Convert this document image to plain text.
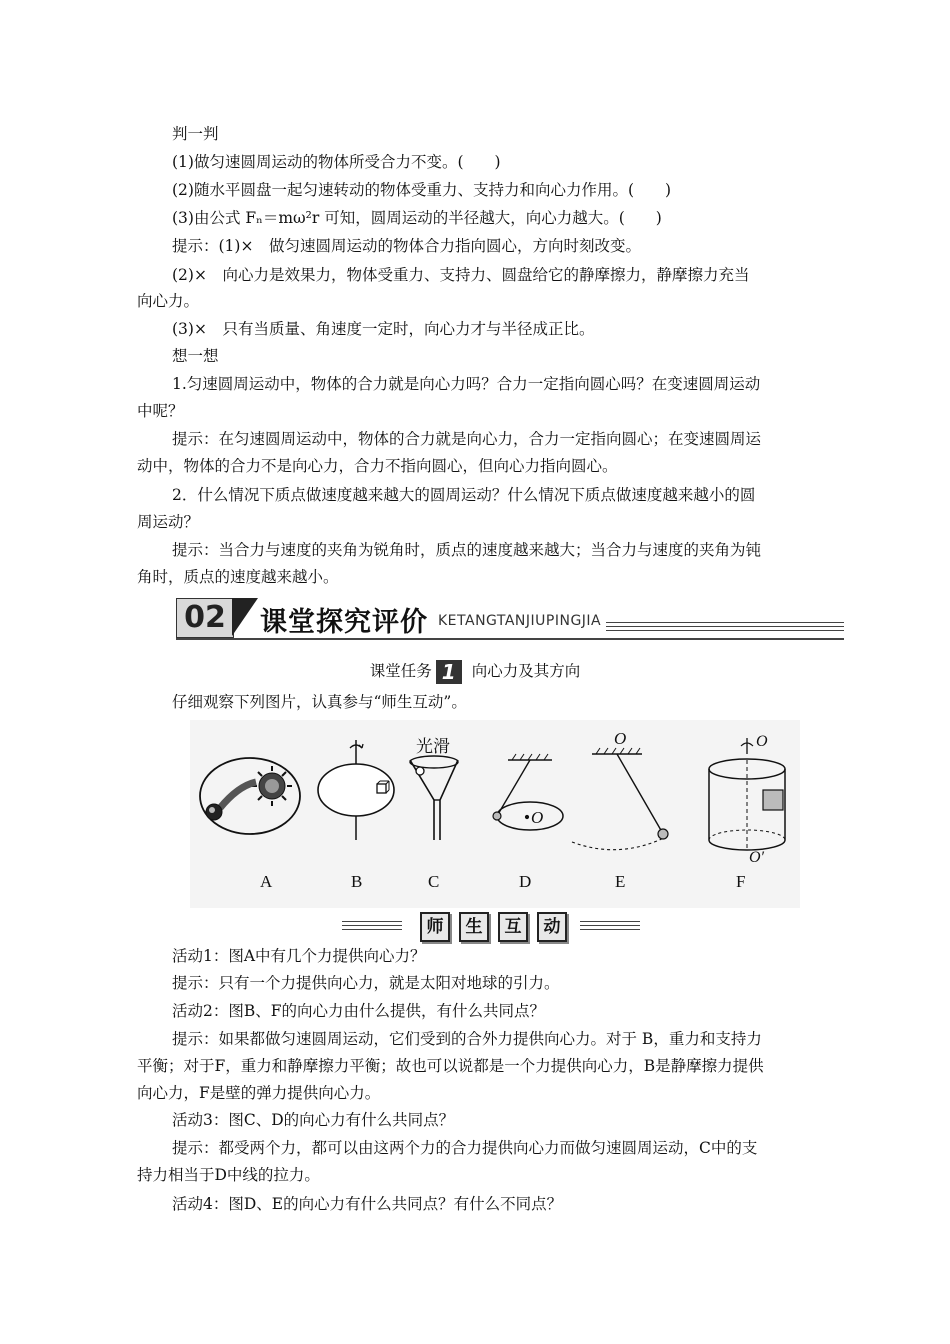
判一判
(1)做匀速圆周运动的物体所受合力不变。(　　)
(2)随水平圆盘一起匀速转动的物体受重力、支持力和向心力作用。(　　)
(3)由公式 Fₙ＝mω²r 可知，圆周运动的半径越大，向心力越大。(　　)
提示：(1)×　做匀速圆周运动的物体合力指向圆心，方向时刻改变。
(2)×　向心力是效果力，物体受重力、支持力、圆盘给它的静摩擦力，静摩擦力充当
向心力。
(3)×　只有当质量、角速度一定时，向心力才与半径成正比。
想一想
1.匀速圆周运动中，物体的合力就是向心力吗？合力一定指向圆心吗？在变速圆周运动
中呢？
提示：在匀速圆周运动中，物体的合力就是向心力，合力一定指向圆心；在变速圆周运
动中，物体的合力不是向心力，合力不指向圆心，但向心力指向圆心。
2．什么情况下质点做速度越来越大的圆周运动？什么情况下质点做速度越来越小的圆
周运动？
提示：当合力与速度的夹角为锐角时，质点的速度越来越大；当合力与速度的夹角为钝
角时，质点的速度越来越小。
02	课堂探究评价 KETANGTANJIUPINGJIA
课堂任务 1 向心力及其方向
仔细观察下列图片，认真参与“师生互动”。
光滑
O
O	O
O′
A	B	C	D	E	F
师	生	互	动
活动1：图A中有几个力提供向心力？
提示：只有一个力提供向心力，就是太阳对地球的引力。
活动2：图B、F的向心力由什么提供，有什么共同点？
提示：如果都做匀速圆周运动，它们受到的合外力提供向心力。对于 B，重力和支持力
平衡；对于F，重力和静摩擦力平衡；故也可以说都是一个力提供向心力，B是静摩擦力提供
向心力，F是壁的弹力提供向心力。
活动3：图C、D的向心力有什么共同点？
提示：都受两个力，都可以由这两个力的合力提供向心力而做匀速圆周运动，C中的支
持力相当于D中线的拉力。
活动4：图D、E的向心力有什么共同点？有什么不同点？
